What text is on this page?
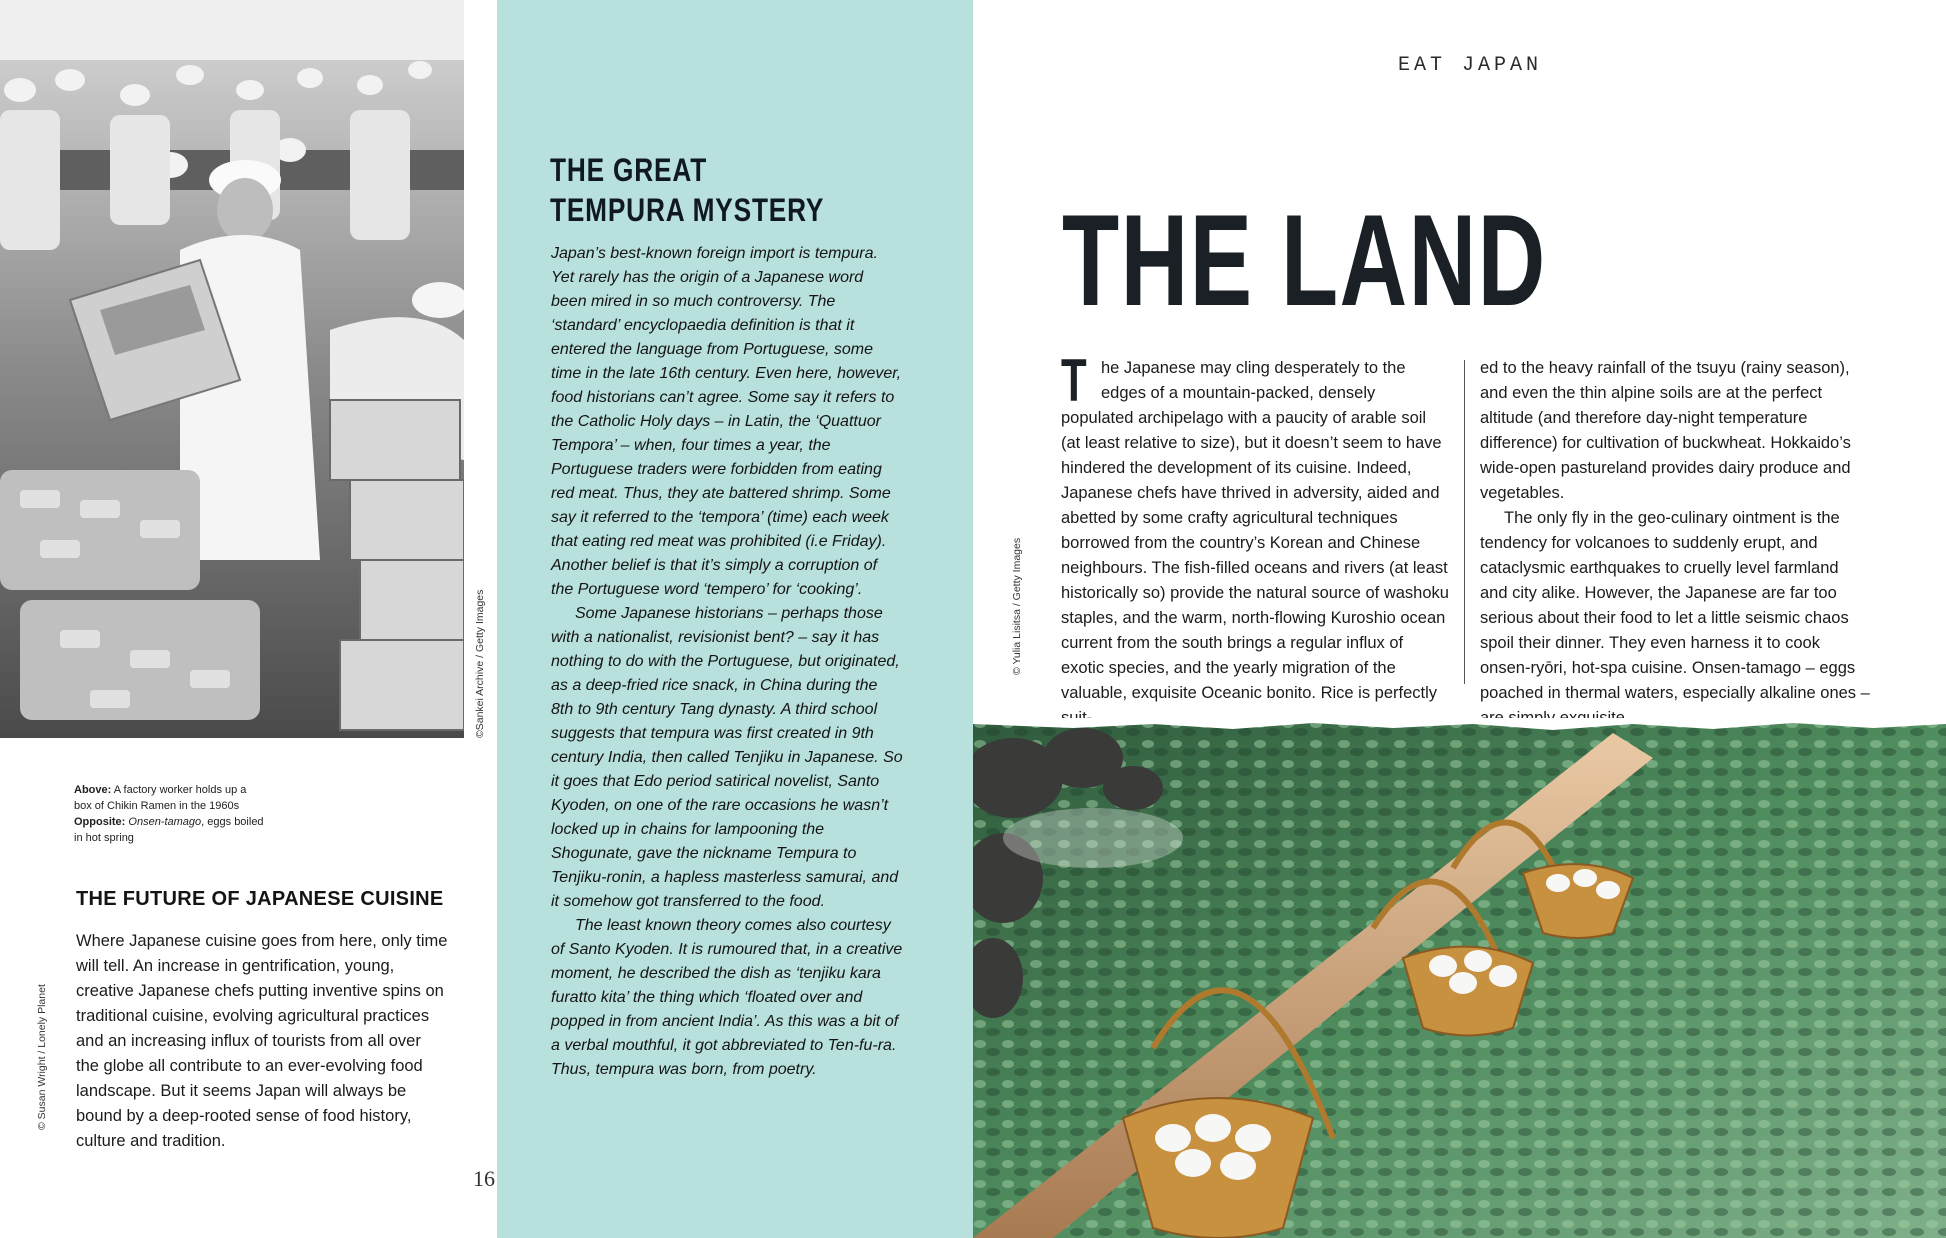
©Sankei Archive / Getty Images
Above: A factory worker holds up a box of Chikin Ramen in the 1960s Opposite: Onsen-tamago, eggs boiled in hot spring
THE FUTURE OF JAPANESE CUISINE
Where Japanese cuisine goes from here, only time will tell. An increase in gentrification, young, creative Japanese chefs putting inventive spins on traditional cuisine, evolving agricultural practices and an increasing influx of tourists from all over the globe all contribute to an ever-evolving food landscape. But it seems Japan will always be bound by a deep-rooted sense of food history, culture and tradition.
© Susan Wright / Lonely Planet
16
THE GREAT
TEMPURA MYSTERY

Japan’s best-known foreign import is tempura. Yet rarely has the origin of a Japanese word been mired in so much controversy. The ‘standard’ encyclopaedia definition is that it entered the language from Portuguese, some time in the late 16th century. Even here, however, food historians can’t agree. Some say it refers to the Catholic Holy days – in Latin, the ‘Quattuor Tempora’ – when, four times a year, the Portuguese traders were forbidden from eating red meat. Thus, they ate battered shrimp. Some say it referred to the ‘tempora’ (time) each week that eating red meat was prohibited (i.e Friday). Another belief is that it’s simply a corruption of the Portuguese word ‘tempero’ for ‘cooking’.

Some Japanese historians – perhaps those with a nationalist, revisionist bent? – say it has nothing to do with the Portuguese, but originated, as a deep-fried rice snack, in China during the 8th to 9th century Tang dynasty. A third school suggests that tempura was first created in 9th century India, then called Tenjiku in Japanese. So it goes that Edo period satirical novelist, Santo Kyoden, on one of the rare occasions he wasn’t locked up in chains for lampooning the Shogunate, gave the nickname Tempura to Tenjiku-ronin, a hapless masterless samurai, and it somehow got transferred to the food.

The least known theory comes also courtesy of Santo Kyoden. It is rumoured that, in a creative moment, he described the dish as ‘tenjiku kara furatto kita’ the thing which ‘floated over and popped in from ancient India’. As this was a bit of a verbal mouthful, it got abbreviated to Ten-fu-ra. Thus, tempura was born, from poetry.

EAT JAPAN
THE LAND
T he Japanese may cling desperately to the edges of a mountain-packed, densely populated archipelago with a paucity of arable soil (at least relative to size), but it doesn’t seem to have hindered the development of its cuisine. Indeed, Japanese chefs have thrived in adversity, aided and abetted by some crafty agricultural techniques borrowed from the country’s Korean and Chinese neighbours. The fish-filled oceans and rivers (at least historically so) provide the natural source of washoku staples, and the warm, north-flowing Kuroshio ocean current from the south brings a regular influx of exotic species, and the yearly migration of the valuable, exquisite Oceanic bonito. Rice is perfectly

ed to the heavy rainfall of the tsuyu (rainy season), and even the thin alpine soils are at the perfect altitude (and therefore day-night temperature difference) for cultivation of buckwheat. Hokkaido’s wide-open pastureland provides dairy produce and vegetables.

The only fly in the geo-culinary ointment is the tendency for volcanoes to suddenly erupt, and cataclysmic earthquakes to cruelly level farmland and city alike. However, the Japanese are far too serious about their food to let a little seismic chaos spoil their dinner. They even harness it to cook onsen-ryōri, hot-spa cuisine. Onsen-tamago – eggs poached in thermal waters, especially alkaline ones –

© Yulia Lisitsa / Getty Images
